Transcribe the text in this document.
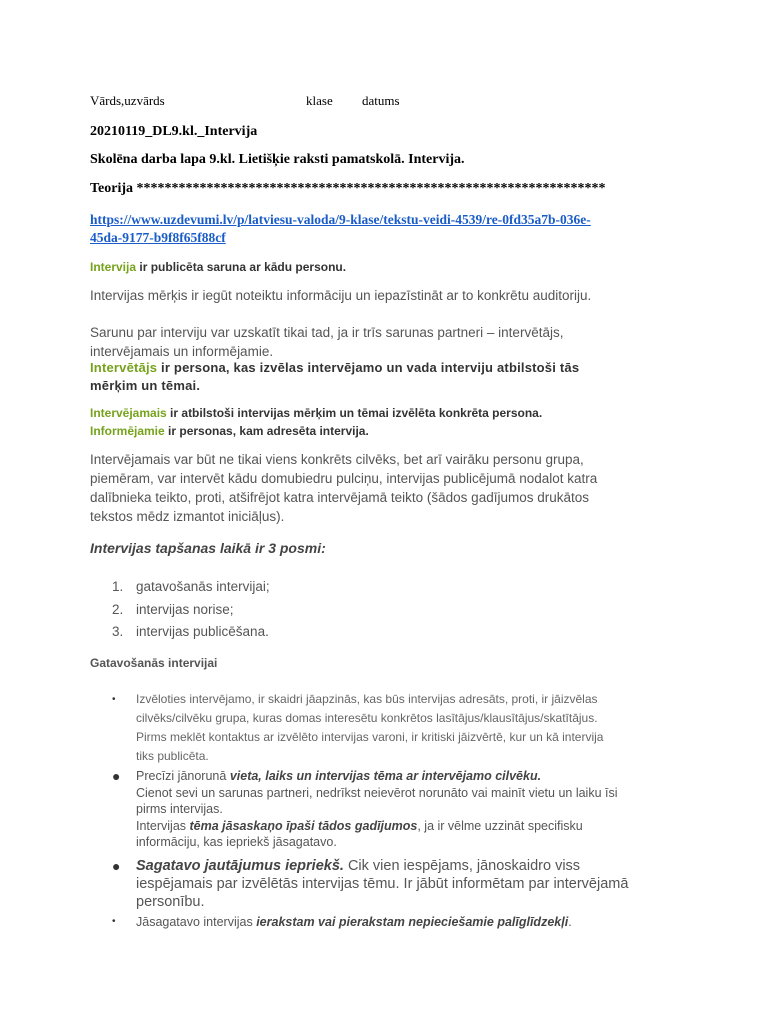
Vārds,uzvārds	klase datums
20210119_DL9.kl._Intervija
Skolēna darba lapa 9.kl. Lietišķie raksti pamatskolā. Intervija.
Teorija *******************************************************************
https://www.uzdevumi.lv/p/latviesu-valoda/9-klase/tekstu-veidi-4539/re-0fd35a7b-036e-
45da-9177-b9f8f65f88cf
Intervija ir publicēta saruna ar kādu personu.
Intervijas mērķis ir iegūt noteiktu informāciju un iepazīstināt ar to konkrētu auditoriju.
Sarunu par interviju var uzskatīt tikai tad, ja ir trīs sarunas partneri – intervētājs,
intervējamais un informējamie.
Intervētājs ir persona, kas izvēlas intervējamo un vada interviju atbilstoši tās
mērķim un tēmai.
Intervējamais ir atbilstoši intervijas mērķim un tēmai izvēlēta konkrēta persona.
Informējamie ir personas, kam adresēta intervija.
Intervējamais var būt ne tikai viens konkrēts cilvēks, bet arī vairāku personu grupa,
piemēram, var intervēt kādu domubiedru pulciņu, intervijas publicējumā nodalot katra
dalībnieka teikto, proti, atšifrējot katra intervējamā teikto (šādos gadījumos drukātos
tekstos mēdz izmantot iniciāļus).
Intervijas tapšanas laikā ir 3 posmi:
1. gatavošanās intervijai;
2. intervijas norise;
3. intervijas publicēšana.
Gatavošanās intervijai
• Izvēloties intervējamo, ir skaidri jāapzinās, kas būs intervijas adresāts, proti, ir jāizvēlas
cilvēks/cilvēku grupa, kuras domas interesētu konkrētos lasītājus/klausītājus/skatītājus.
Pirms meklēt kontaktus ar izvēlēto intervijas varoni, ir kritiski jāizvērtē, kur un kā intervija
tiks publicēta.
● Precīzi jānorunā vieta, laiks un intervijas tēma ar intervējamo cilvēku.
Cienot sevi un sarunas partneri, nedrīkst neievērot norunāto vai mainīt vietu un laiku īsi
pirms intervijas.
Intervijas tēma jāsaskaņo īpaši tādos gadījumos, ja ir vēlme uzzināt specifisku
informāciju, kas iepriekš jāsagatavo.
● Sagatavo jautājumus iepriekš. Cik vien iespējams, jānoskaidro viss
iespējamais par izvēlētās intervijas tēmu. Ir jābūt informētam par intervējamā
personību.
• Jāsagatavo intervijas ierakstam vai pierakstam nepieciešamie palīglīdzekļi.
